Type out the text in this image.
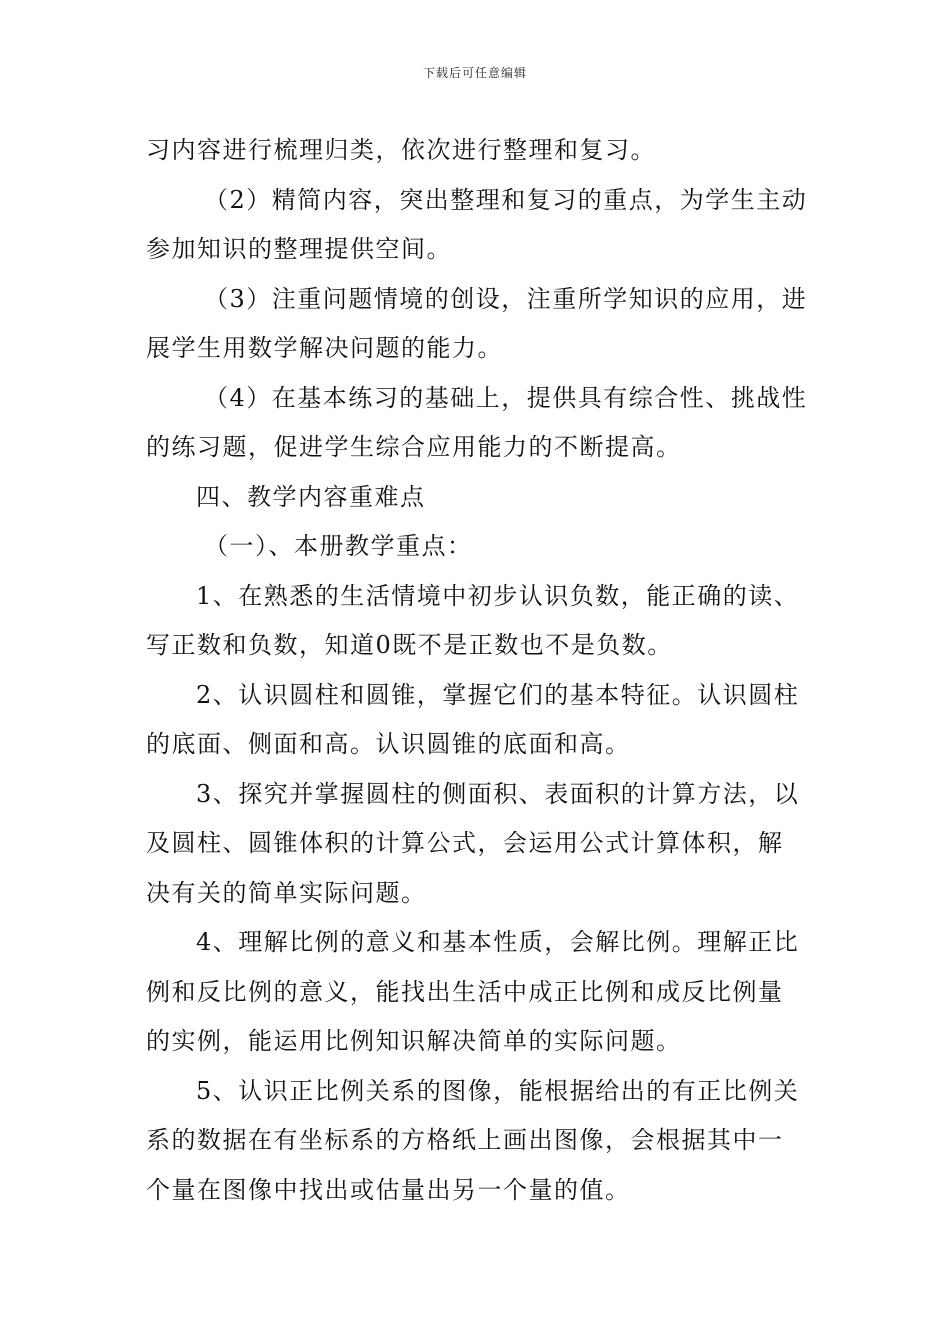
下载后可任意编辑

习内容进行梳理归类，依次进行整理和复习。

（2）精简内容，突出整理和复习的重点，为学生主动

参加知识的整理提供空间。

（3）注重问题情境的创设，注重所学知识的应用，进

展学生用数学解决问题的能力。

（4）在基本练习的基础上，提供具有综合性、挑战性

的练习题，促进学生综合应用能力的不断提高。

四、教学内容重难点

（一）、本册教学重点：

1、在熟悉的生活情境中初步认识负数，能正确的读、

写正数和负数，知道0既不是正数也不是负数。

2、认识圆柱和圆锥，掌握它们的基本特征。认识圆柱

的底面、侧面和高。认识圆锥的底面和高。

3、探究并掌握圆柱的侧面积、表面积的计算方法，以

及圆柱、圆锥体积的计算公式，会运用公式计算体积，解

决有关的简单实际问题。

4、理解比例的意义和基本性质，会解比例。理解正比

例和反比例的意义，能找出生活中成正比例和成反比例量

的实例，能运用比例知识解决简单的实际问题。

5、认识正比例关系的图像，能根据给出的有正比例关

系的数据在有坐标系的方格纸上画出图像，会根据其中一

个量在图像中找出或估量出另一个量的值。
